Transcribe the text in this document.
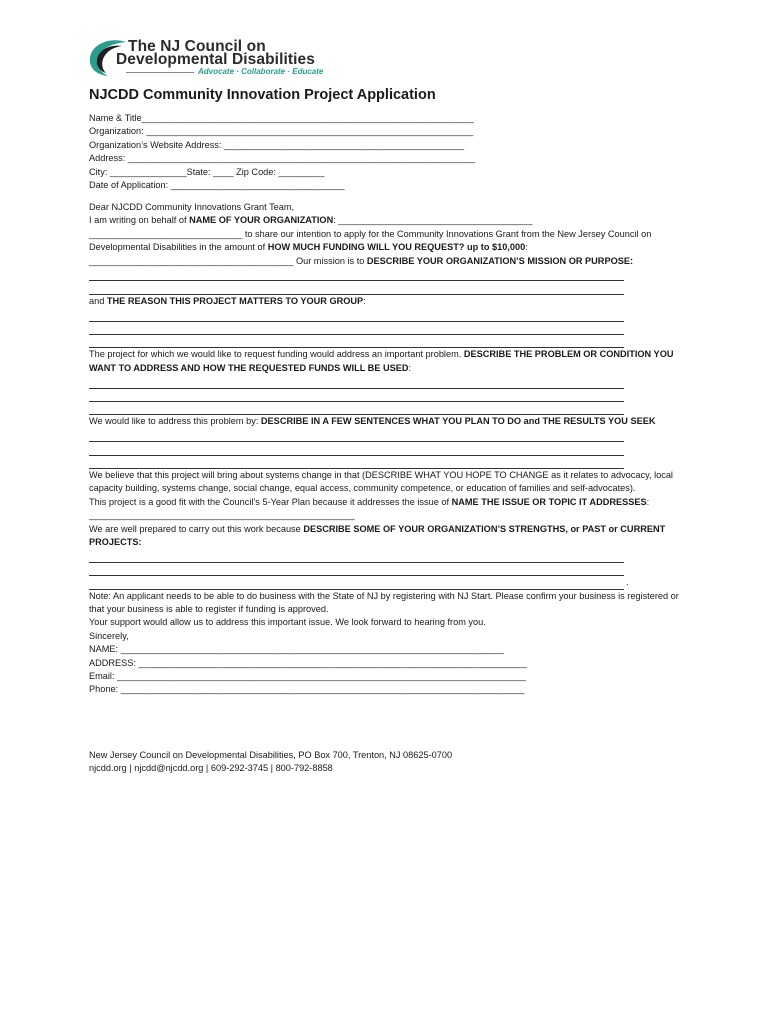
The NJ Council on
Developmental Disabilities
Advocate · Collaborate · Educate
NJCDD Community Innovation Project Application
Name & Title_________________________________________________________________
Organization: ________________________________________________________________
Organization’s Website Address: _______________________________________________
Address: ____________________________________________________________________
City: _______________State: ____ Zip Code: _________
Date of Application: __________________________________
Dear NJCDD Community Innovations Grant Team,

I am writing on behalf of NAME OF YOUR ORGANIZATION: ______________________________________ ______________________________ to share our intention to apply for the Community Innovations Grant from the New Jersey Council on Developmental Disabilities in the amount of HOW MUCH FUNDING WILL YOU REQUEST? up to $10,000: ________________________________________ Our mission is to DESCRIBE YOUR ORGANIZATION’S MISSION OR PURPOSE:

and THE REASON THIS PROJECT MATTERS TO YOUR GROUP:

The project for which we would like to request funding would address an important problem. DESCRIBE THE PROBLEM OR CONDITION YOU WANT TO ADDRESS AND HOW THE REQUESTED FUNDS WILL BE USED:

We would like to address this problem by: DESCRIBE IN A FEW SENTENCES WHAT YOU PLAN TO DO and THE RESULTS YOU SEEK

We believe that this project will bring about systems change in that (DESCRIBE WHAT YOU HOPE TO CHANGE as it relates to advocacy, local capacity building, systems change, social change, equal access, community competence, or education of families and self-advocates).

This project is a good fit with the Council’s 5-Year Plan because it addresses the issue of NAME THE ISSUE OR TOPIC IT ADDRESSES: ____________________________________________________

We are well prepared to carry out this work because DESCRIBE SOME OF YOUR ORGANIZATION’S STRENGTHS, or PAST or CURRENT PROJECTS:

.

Note: An applicant needs to be able to do business with the State of NJ by registering with NJ Start. Please confirm your business is registered or that your business is able to register if funding is approved.

Your support would allow us to address this important issue. We look forward to hearing from you.
Sincerely,
NAME: ___________________________________________________________________________
ADDRESS: ____________________________________________________________________________
Email: ________________________________________________________________________________
Phone: _______________________________________________________________________________
New Jersey Council on Developmental Disabilities, PO Box 700, Trenton, NJ 08625-0700
njcdd.org | njcdd@njcdd.org | 609-292-3745 | 800-792-8858
